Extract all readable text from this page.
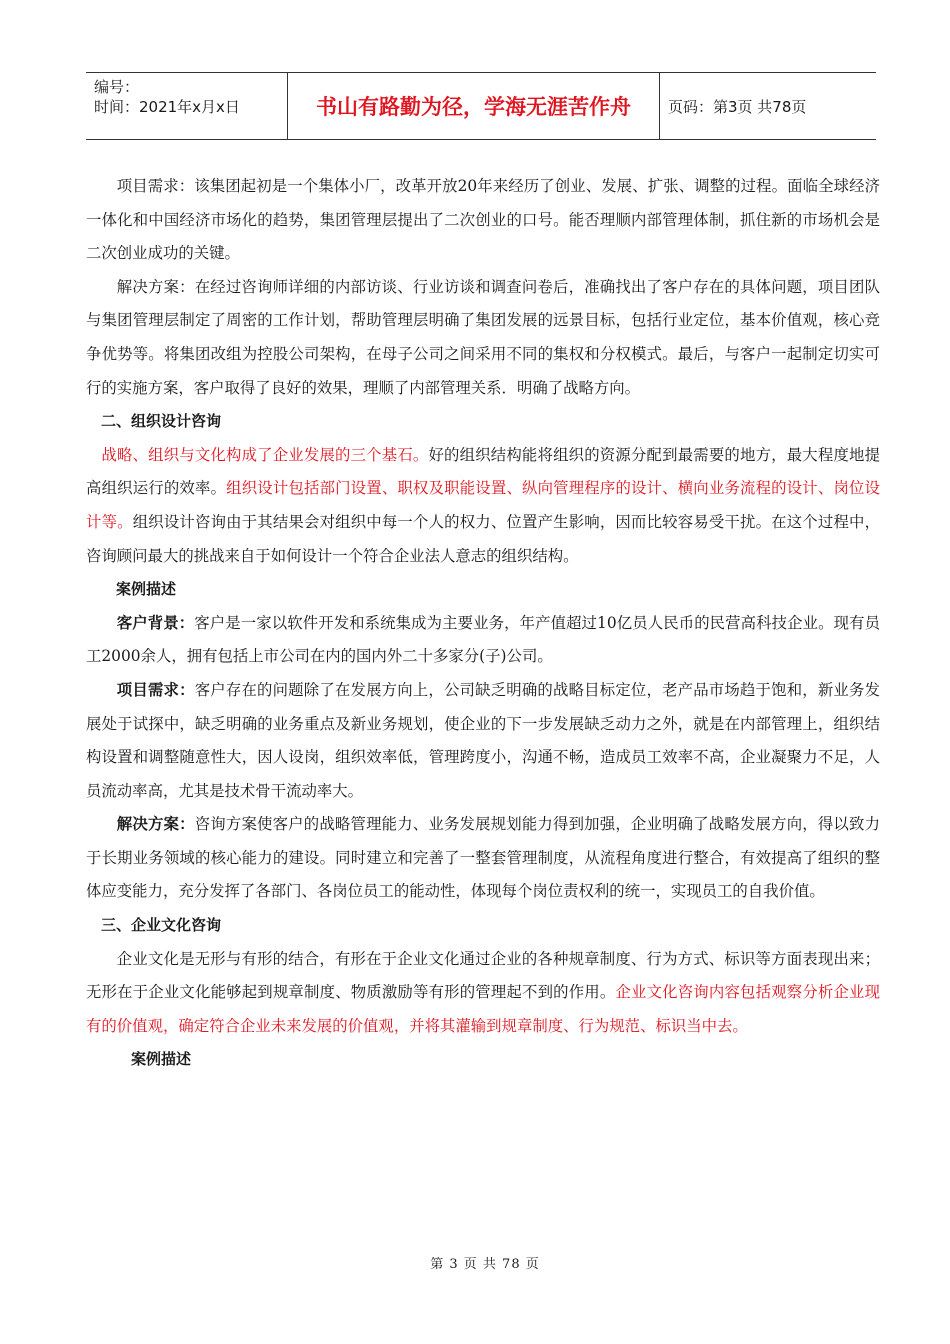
编号：
时间：2021年x月x日	书山有路勤为径，学海无涯苦作舟	页码：第3页 共78页

项目需求：该集团起初是一个集体小厂，改革开放20年来经历了创业、发展、扩张、调整的过程。面临全球经济一体化和中国经济市场化的趋势，集团管理层提出了二次创业的口号。能否理顺内部管理体制，抓住新的市场机会是二次创业成功的关键。

解决方案：在经过咨询师详细的内部访谈、行业访谈和调查问卷后，准确找出了客户存在的具体问题，项目团队与集团管理层制定了周密的工作计划，帮助管理层明确了集团发展的远景目标，包括行业定位，基本价值观，核心竞争优势等。将集团改组为控股公司架构，在母子公司之间采用不同的集权和分权模式。最后，与客户一起制定切实可行的实施方案，客户取得了良好的效果，理顺了内部管理关系．明确了战略方向。

二、组织设计咨询

战略、组织与文化构成了企业发展的三个基石。好的组织结构能将组织的资源分配到最需要的地方，最大程度地提高组织运行的效率。组织设计包括部门设置、职权及职能设置、纵向管理程序的设计、横向业务流程的设计、岗位设计等。组织设计咨询由于其结果会对组织中每一个人的权力、位置产生影响，因而比较容易受干扰。在这个过程中，咨询顾问最大的挑战来自于如何设计一个符合企业法人意志的组织结构。

案例描述

客户背景：客户是一家以软件开发和系统集成为主要业务，年产值超过10亿员人民币的民营高科技企业。现有员工2000余人，拥有包括上市公司在内的国内外二十多家分(子)公司。

项目需求：客户存在的问题除了在发展方向上，公司缺乏明确的战略目标定位，老产品市场趋于饱和，新业务发展处于试探中，缺乏明确的业务重点及新业务规划，使企业的下一步发展缺乏动力之外，就是在内部管理上，组织结构设置和调整随意性大，因人设岗，组织效率低，管理跨度小，沟通不畅，造成员工效率不高，企业凝聚力不足，人员流动率高，尤其是技术骨干流动率大。

解决方案：咨询方案使客户的战略管理能力、业务发展规划能力得到加强，企业明确了战略发展方向，得以致力于长期业务领域的核心能力的建设。同时建立和完善了一整套管理制度，从流程角度进行整合，有效提高了组织的整体应变能力，充分发挥了各部门、各岗位员工的能动性，体现每个岗位责权利的统一，实现员工的自我价值。

三、企业文化咨询

企业文化是无形与有形的结合，有形在于企业文化通过企业的各种规章制度、行为方式、标识等方面表现出来；无形在于企业文化能够起到规章制度、物质激励等有形的管理起不到的作用。企业文化咨询内容包括观察分析企业现有的价值观，确定符合企业未来发展的价值观，并将其灌输到规章制度、行为规范、标识当中去。

案例描述

第 3 页 共 78 页
